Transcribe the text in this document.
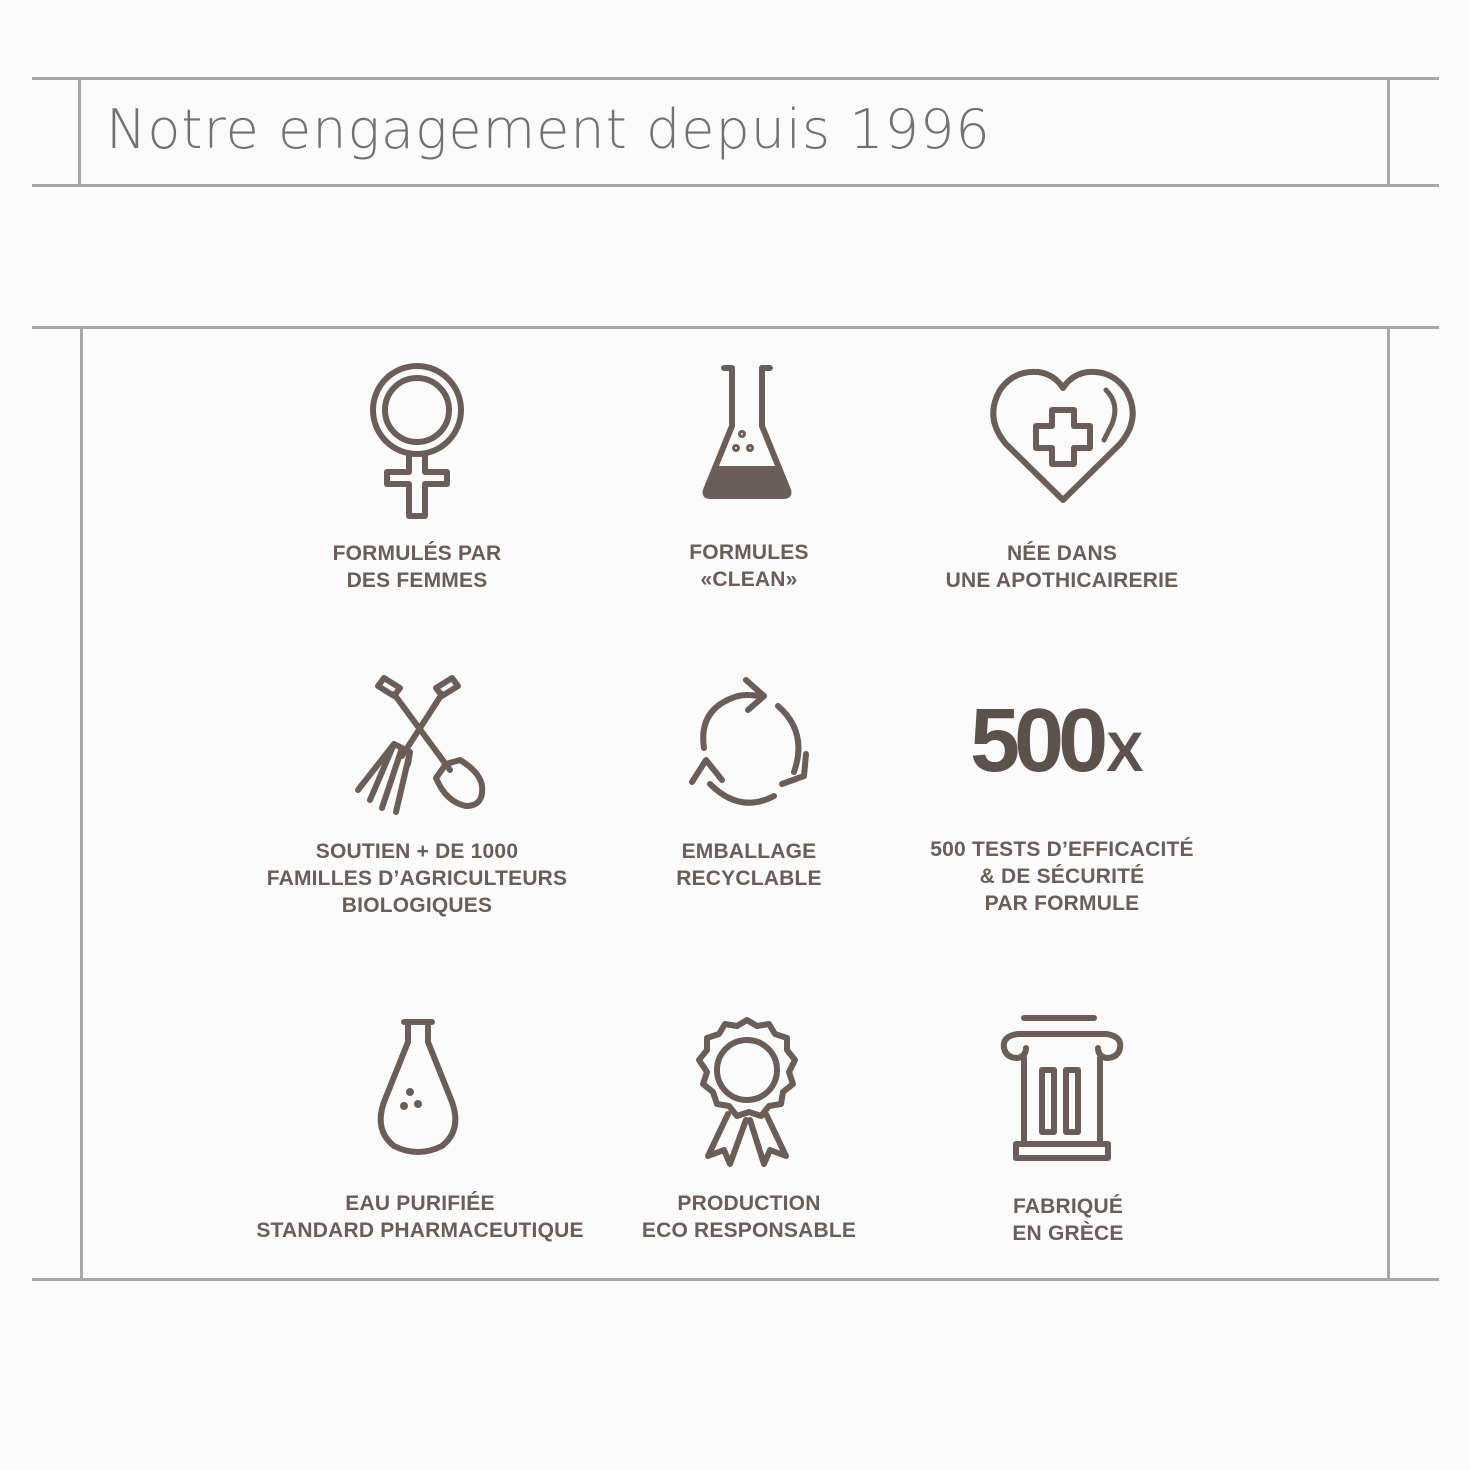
Notre engagement depuis 1996
FORMULÉS PAR
DES FEMMES
FORMULES
«CLEAN»
NÉE DANS
UNE APOTHICAIRERIE
SOUTIEN + DE 1000
FAMILLES D’AGRICULTEURS
BIOLOGIQUES
EMBALLAGE
RECYCLABLE
500X
500 TESTS D’EFFICACITÉ
& DE SÉCURITÉ
PAR FORMULE
EAU PURIFIÉE
STANDARD PHARMACEUTIQUE
PRODUCTION
ECO RESPONSABLE
FABRIQUÉ
EN GRÈCE
